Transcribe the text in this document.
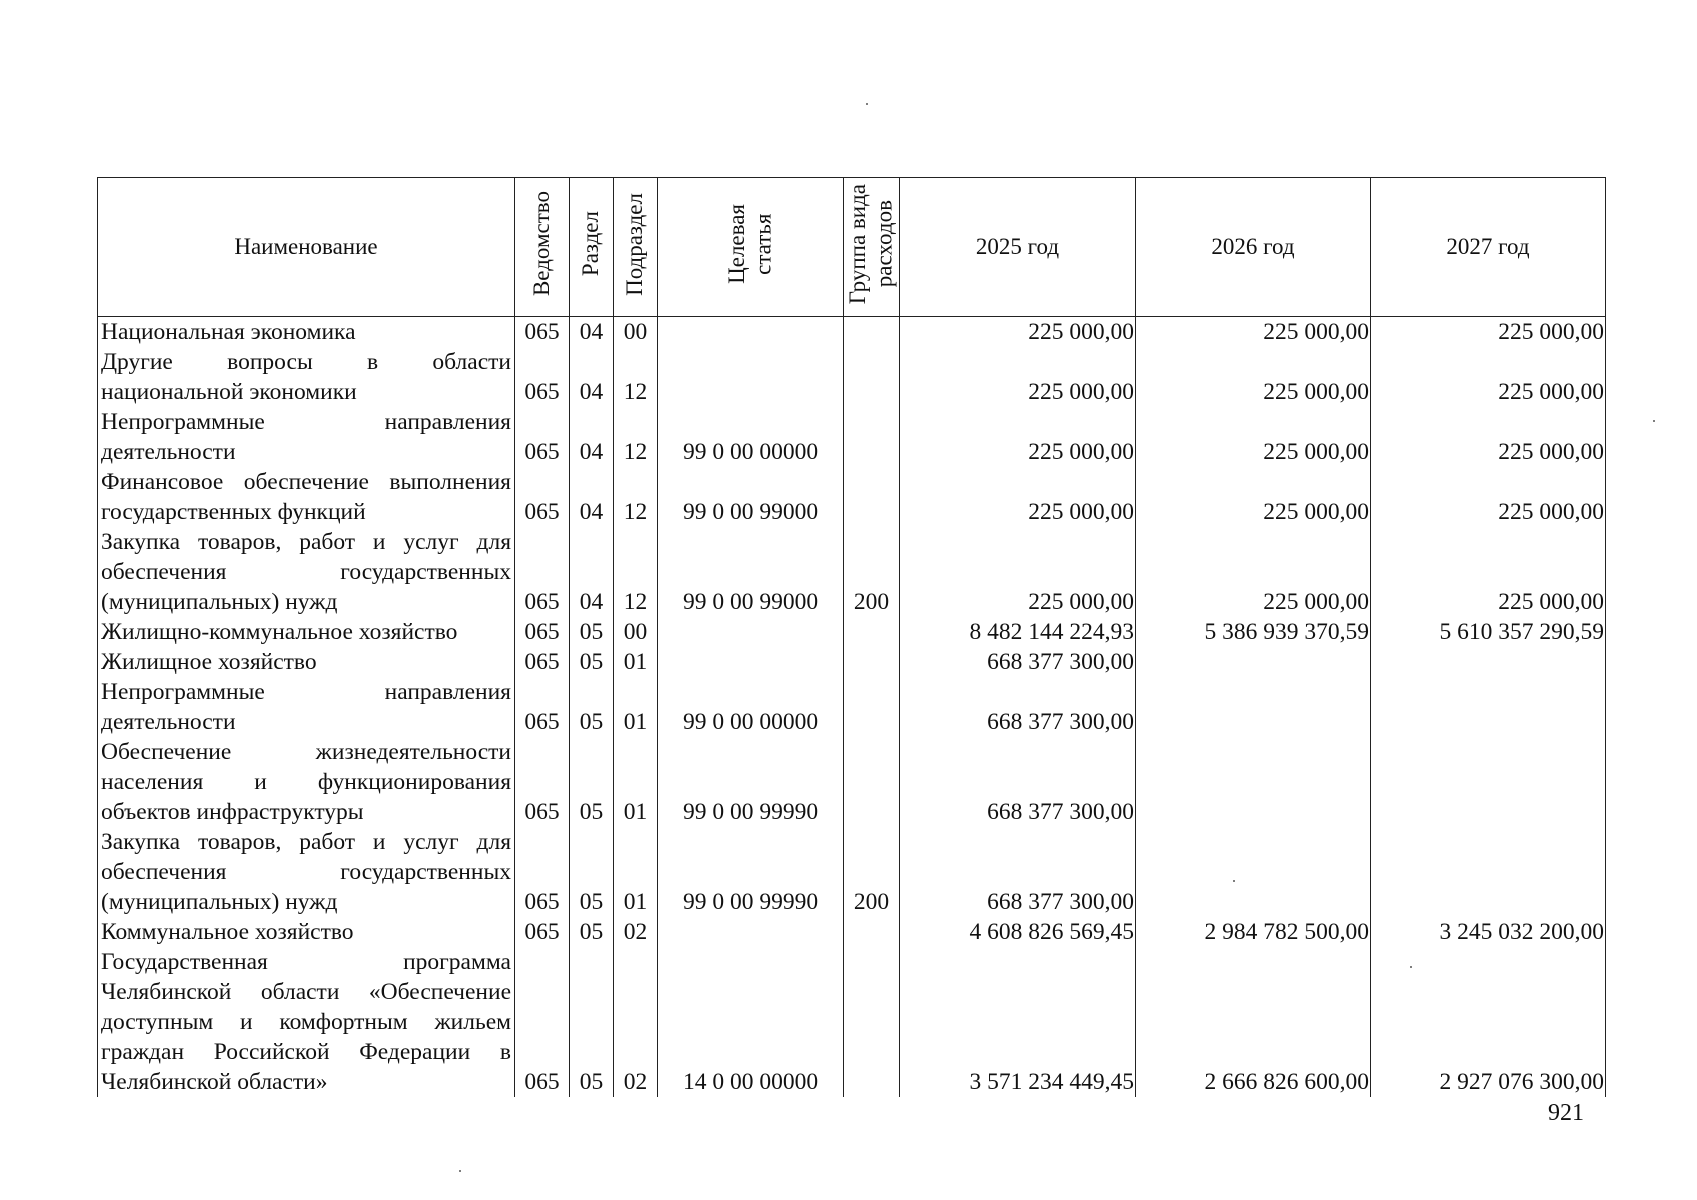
Наименование	Ведомство	Раздел	Подраздел	Целевая статья	Группа вида расходов	2025 год	2026 год	2027 год
Национальная экономика	065	04	00			225 000,00	225 000,00	225 000,00
Другие вопросы в области национальной экономики	065	04	12			225 000,00	225 000,00	225 000,00
Непрограммные направления деятельности	065	04	12	99 0 00 00000		225 000,00	225 000,00	225 000,00
Финансовое обеспечение выполнения государственных функций	065	04	12	99 0 00 99000		225 000,00	225 000,00	225 000,00
Закупка товаров, работ и услуг для обеспечения государственных (муниципальных) нужд	065	04	12	99 0 00 99000	200	225 000,00	225 000,00	225 000,00
Жилищно-коммунальное хозяйство	065	05	00			8 482 144 224,93	5 386 939 370,59	5 610 357 290,59
Жилищное хозяйство	065	05	01			668 377 300,00		
Непрограммные направления деятельности	065	05	01	99 0 00 00000		668 377 300,00		
Обеспечение жизнедеятельности населения и функционирования объектов инфраструктуры	065	05	01	99 0 00 99990		668 377 300,00		
Закупка товаров, работ и услуг для обеспечения государственных (муниципальных) нужд	065	05	01	99 0 00 99990	200	668 377 300,00		
Коммунальное хозяйство	065	05	02			4 608 826 569,45	2 984 782 500,00	3 245 032 200,00
Государственная программа Челябинской области «Обеспечение доступным и комфортным жильем граждан Российской Федерации в Челябинской области»	065	05	02	14 0 00 00000		3 571 234 449,45	2 666 826 600,00	2 927 076 300,00
921
